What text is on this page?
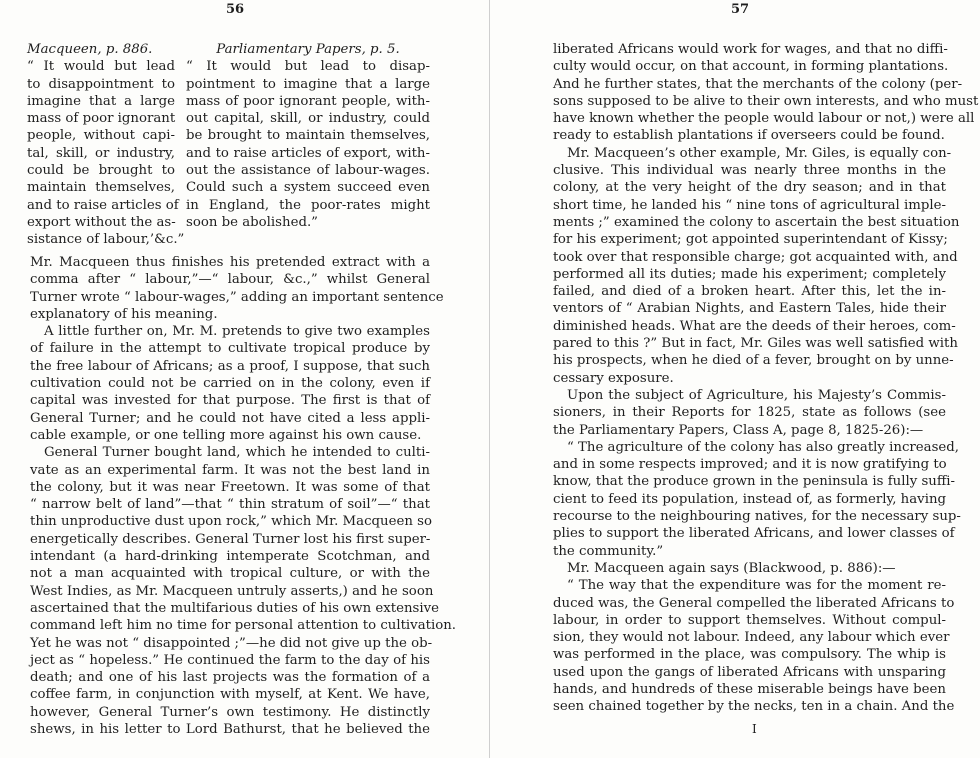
56
Macqueen, p. 886.
“ It would but lead
to disappointment to
imagine that a large
mass of poor ignorant
people, without capi-
tal, skill, or industry,
could be brought to
maintain themselves,
and to raise articles of
export without the as-
sistance of labour,’&c.”
Parliamentary Papers, p. 5.
“ It would but lead to disap-
pointment to imagine that a large
mass of poor ignorant people, with-
out capital, skill, or industry, could
be brought to maintain themselves,
and to raise articles of export, with-
out the assistance of labour-wages.
Could such a system succeed even
in England, the poor-rates might
soon be abolished.”
Mr. Macqueen thus finishes his pretended extract with a
comma after “ labour,”—“ labour, &c.,” whilst General
Turner wrote “ labour-wages,” adding an important sentence
explanatory of his meaning.
A little further on, Mr. M. pretends to give two examples
of failure in the attempt to cultivate tropical produce by
the free labour of Africans; as a proof, I suppose, that such
cultivation could not be carried on in the colony, even if
capital was invested for that purpose. The first is that of
General Turner; and he could not have cited a less appli-
cable example, or one telling more against his own cause.
General Turner bought land, which he intended to culti-
vate as an experimental farm. It was not the best land in
the colony, but it was near Freetown. It was some of that
“ narrow belt of land”—that “ thin stratum of soil”—“ that
thin unproductive dust upon rock,” which Mr. Macqueen so
energetically describes. General Turner lost his first super-
intendant (a hard-drinking intemperate Scotchman, and
not a man acquainted with tropical culture, or with the
West Indies, as Mr. Macqueen untruly asserts,) and he soon
ascertained that the multifarious duties of his own extensive
command left him no time for personal attention to cultivation.
Yet he was not “ disappointed ;”—he did not give up the ob-
ject as “ hopeless.” He continued the farm to the day of his
death; and one of his last projects was the formation of a
coffee farm, in conjunction with myself, at Kent. We have,
however, General Turner’s own testimony. He distinctly
shews, in his letter to Lord Bathurst, that he believed the
57
liberated Africans would work for wages, and that no diffi-
culty would occur, on that account, in forming plantations.
And he further states, that the merchants of the colony (per-
sons supposed to be alive to their own interests, and who must
have known whether the people would labour or not,) were all
ready to establish plantations if overseers could be found.
Mr. Macqueen’s other example, Mr. Giles, is equally con-
clusive. This individual was nearly three months in the
colony, at the very height of the dry season; and in that
short time, he landed his “ nine tons of agricultural imple-
ments ;” examined the colony to ascertain the best situation
for his experiment; got appointed superintendant of Kissy;
took over that responsible charge; got acquainted with, and
performed all its duties; made his experiment; completely
failed, and died of a broken heart. After this, let the in-
ventors of “ Arabian Nights, and Eastern Tales, hide their
diminished heads. What are the deeds of their heroes, com-
pared to this ?” But in fact, Mr. Giles was well satisfied with
his prospects, when he died of a fever, brought on by unne-
cessary exposure.
Upon the subject of Agriculture, his Majesty’s Commis-
sioners, in their Reports for 1825, state as follows (see
the Parliamentary Papers, Class A, page 8, 1825-26):—
“ The agriculture of the colony has also greatly increased,
and in some respects improved; and it is now gratifying to
know, that the produce grown in the peninsula is fully suffi-
cient to feed its population, instead of, as formerly, having
recourse to the neighbouring natives, for the necessary sup-
plies to support the liberated Africans, and lower classes of
the community.”
Mr. Macqueen again says (Blackwood, p. 886):—
“ The way that the expenditure was for the moment re-
duced was, the General compelled the liberated Africans to
labour, in order to support themselves. Without compul-
sion, they would not labour. Indeed, any labour which ever
was performed in the place, was compulsory. The whip is
used upon the gangs of liberated Africans with unsparing
hands, and hundreds of these miserable beings have been
seen chained together by the necks, ten in a chain. And the
I
